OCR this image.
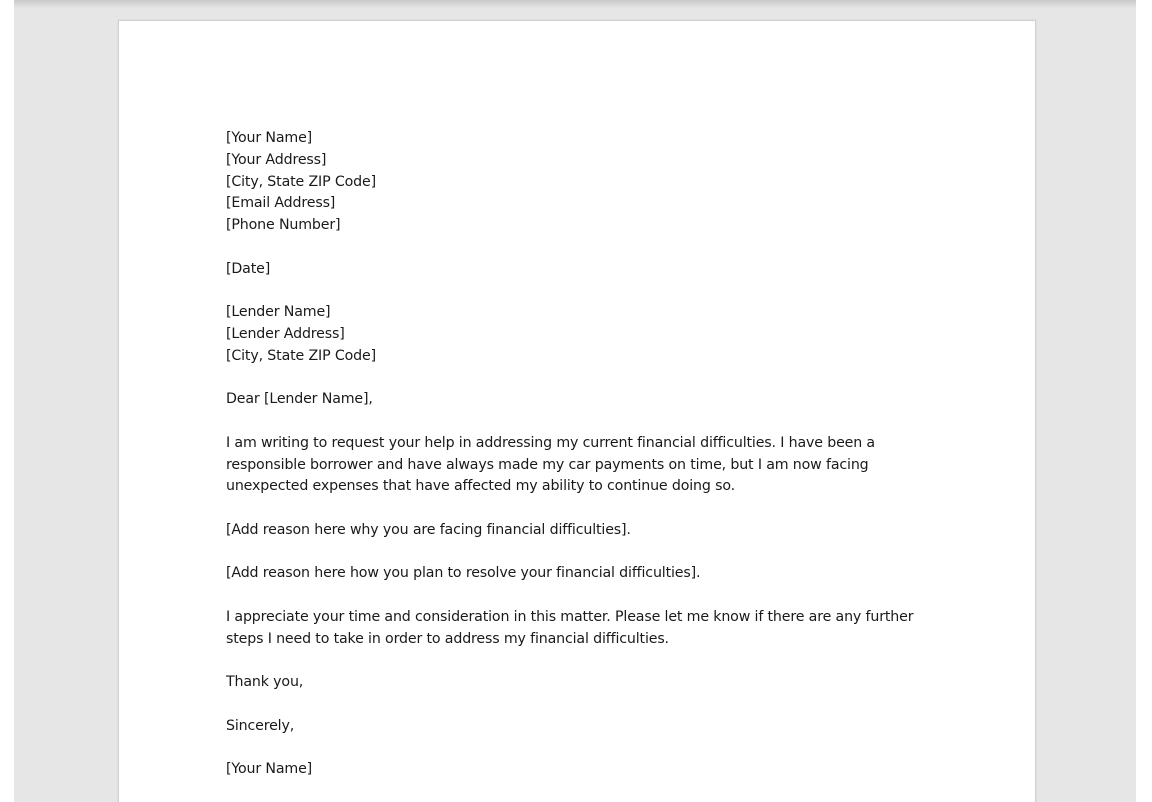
[Your Name]
[Your Address]
[City, State ZIP Code]
[Email Address]
[Phone Number]
[Date]
[Lender Name]
[Lender Address]
[City, State ZIP Code]

Dear [Lender Name],

I am writing to request your help in addressing my current financial difficulties. I have been a responsible borrower and have always made my car payments on time, but I am now facing unexpected expenses that have affected my ability to continue doing so.

[Add reason here why you are facing financial difficulties].

[Add reason here how you plan to resolve your financial difficulties].

I appreciate your time and consideration in this matter. Please let me know if there are any further steps I need to take in order to address my financial difficulties.

Thank you,

Sincerely,

[Your Name]
